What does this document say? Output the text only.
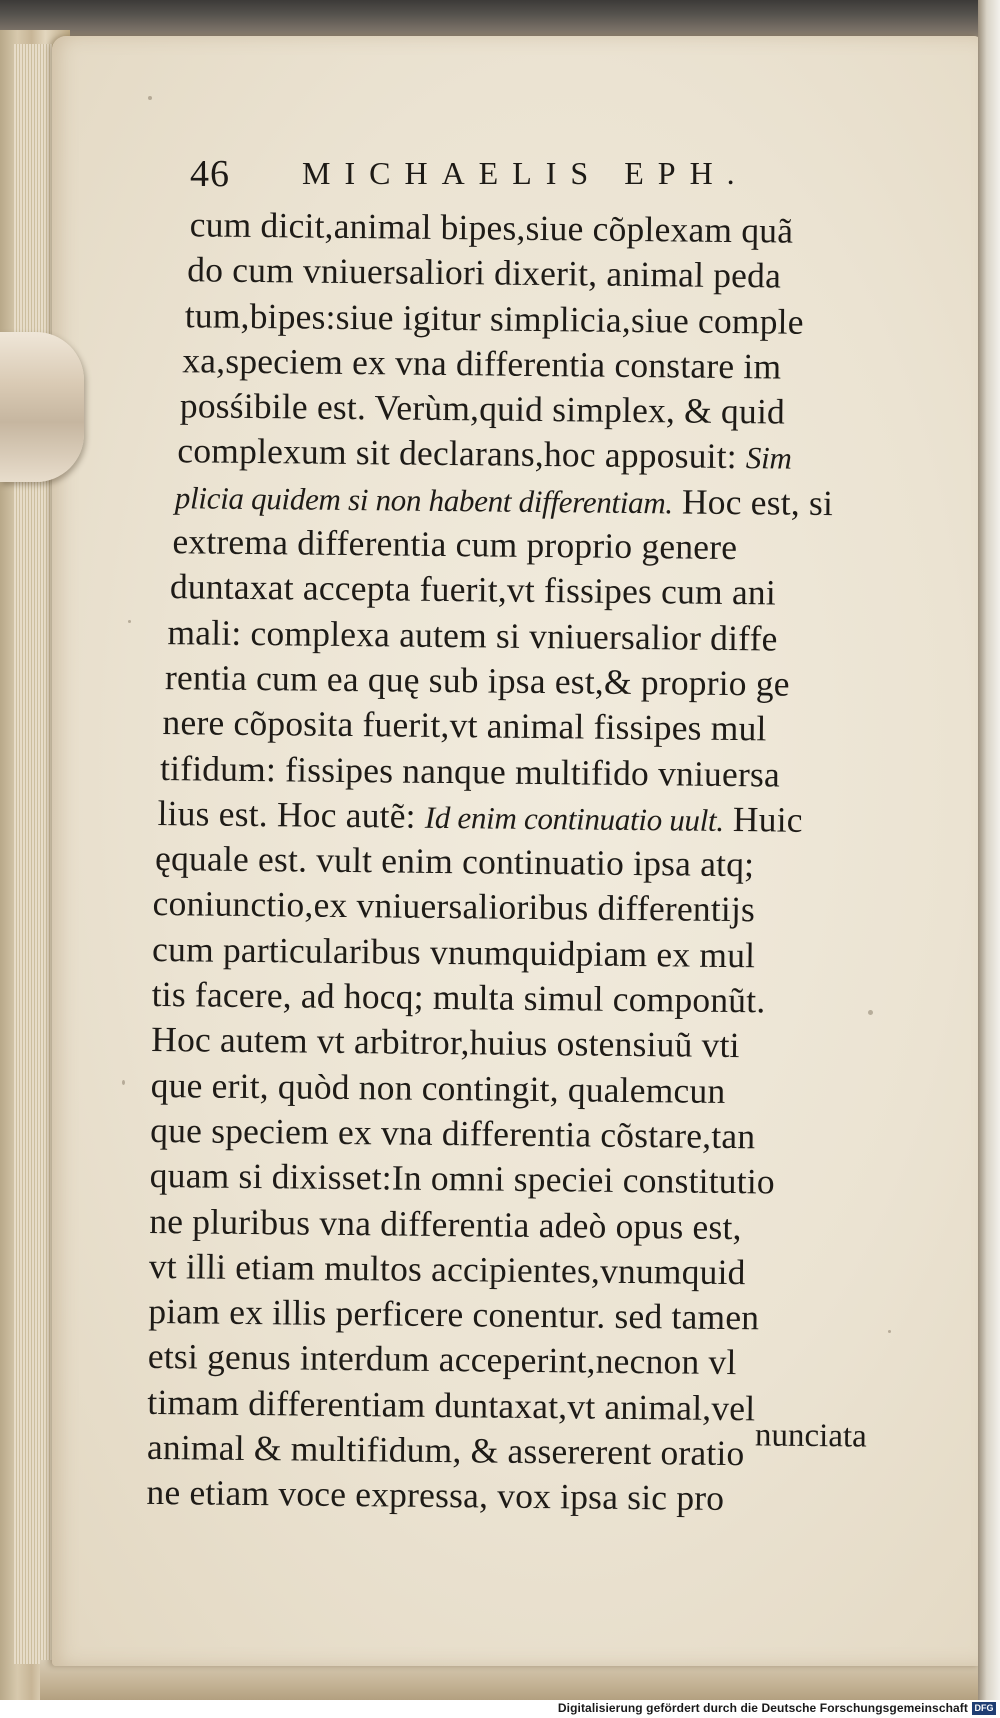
46 MICHAELIS EPH.
cum dicit,animal bipes,siue cõplexam quã
do cum vniuersaliori dixerit, animal peda
tum,bipes:siue igitur simplicia,siue comple
xa,speciem ex vna differentia constare im
posśibile est. Verùm,quid simplex, & quid
complexum sit declarans,hoc apposuit: Sim
plicia quidem si non habent differentiam. Hoc est, si
extrema differentia cum proprio genere
duntaxat accepta fuerit,vt fissipes cum ani
mali: complexa autem si vniuersalior diffe
rentia cum ea quę sub ipsa est,& proprio ge
nere cõposita fuerit,vt animal fissipes mul
tifidum: fissipes nanque multifido vniuersa
lius est. Hoc autẽ: Id enim continuatio uult. Huic
ęquale est. vult enim continuatio ipsa atq;
coniunctio,ex vniuersalioribus differentijs
cum particularibus vnumquidpiam ex mul
tis facere, ad hocq; multa simul componũt.
Hoc autem vt arbitror,huius ostensiuũ vti
que erit, quòd non contingit, qualemcun
que speciem ex vna differentia cõstare,tan
quam si dixisset:In omni speciei constitutio
ne pluribus vna differentia adeò opus est,
vt illi etiam multos accipientes,vnumquid
piam ex illis perficere conentur. sed tamen
etsi genus interdum acceperint,necnon vl
timam differentiam duntaxat,vt animal,vel
animal & multifidum, & assererent oratio
ne etiam voce expressa, vox ipsa sic pro
nunciata
Digitalisierung gefördert durch die Deutsche Forschungsgemeinschaft DFG
